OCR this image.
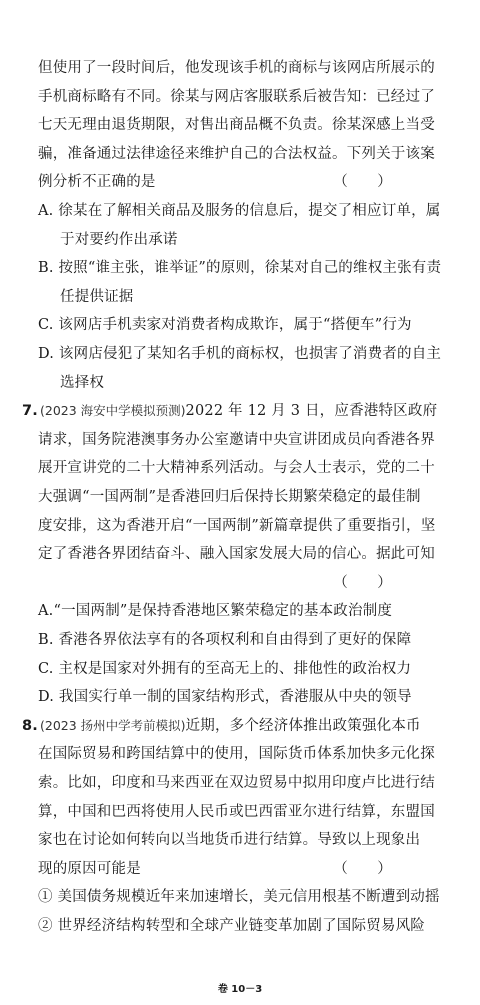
但使用了一段时间后，他发现该手机的商标与该网店所展示的
手机商标略有不同。徐某与网店客服联系后被告知：已经过了
七天无理由退货期限，对售出商品概不负责。徐某深感上当受
骗，准备通过法律途径来维护自己的合法权益。下列关于该案
例分析不正确的是	（　　）
A. 徐某在了解相关商品及服务的信息后，提交了相应订单，属
于对要约作出承诺
B. 按照“谁主张，谁举证”的原则，徐某对自己的维权主张有责
任提供证据
C. 该网店手机卖家对消费者构成欺诈，属于“搭便车”行为
D. 该网店侵犯了某知名手机的商标权，也损害了消费者的自主
选择权
7. (2023 海安中学模拟预测)2022 年 12 月 3 日，应香港特区政府
请求，国务院港澳事务办公室邀请中央宣讲团成员向香港各界
展开宣讲党的二十大精神系列活动。与会人士表示，党的二十
大强调“一国两制”是香港回归后保持长期繁荣稳定的最佳制
度安排，这为香港开启“一国两制”新篇章提供了重要指引，坚
定了香港各界团结奋斗、融入国家发展大局的信心。据此可知
（　　）
A.“一国两制”是保持香港地区繁荣稳定的基本政治制度
B. 香港各界依法享有的各项权利和自由得到了更好的保障
C. 主权是国家对外拥有的至高无上的、排他性的政治权力
D. 我国实行单一制的国家结构形式，香港服从中央的领导
8. (2023 扬州中学考前模拟)近期，多个经济体推出政策强化本币
在国际贸易和跨国结算中的使用，国际货币体系加快多元化探
索。比如，印度和马来西亚在双边贸易中拟用印度卢比进行结
算，中国和巴西将使用人民币或巴西雷亚尔进行结算，东盟国
家也在讨论如何转向以当地货币进行结算。导致以上现象出
现的原因可能是	（　　）
① 美国债务规模近年来加速增长，美元信用根基不断遭到动摇
② 世界经济结构转型和全球产业链变革加剧了国际贸易风险
卷 10－3
